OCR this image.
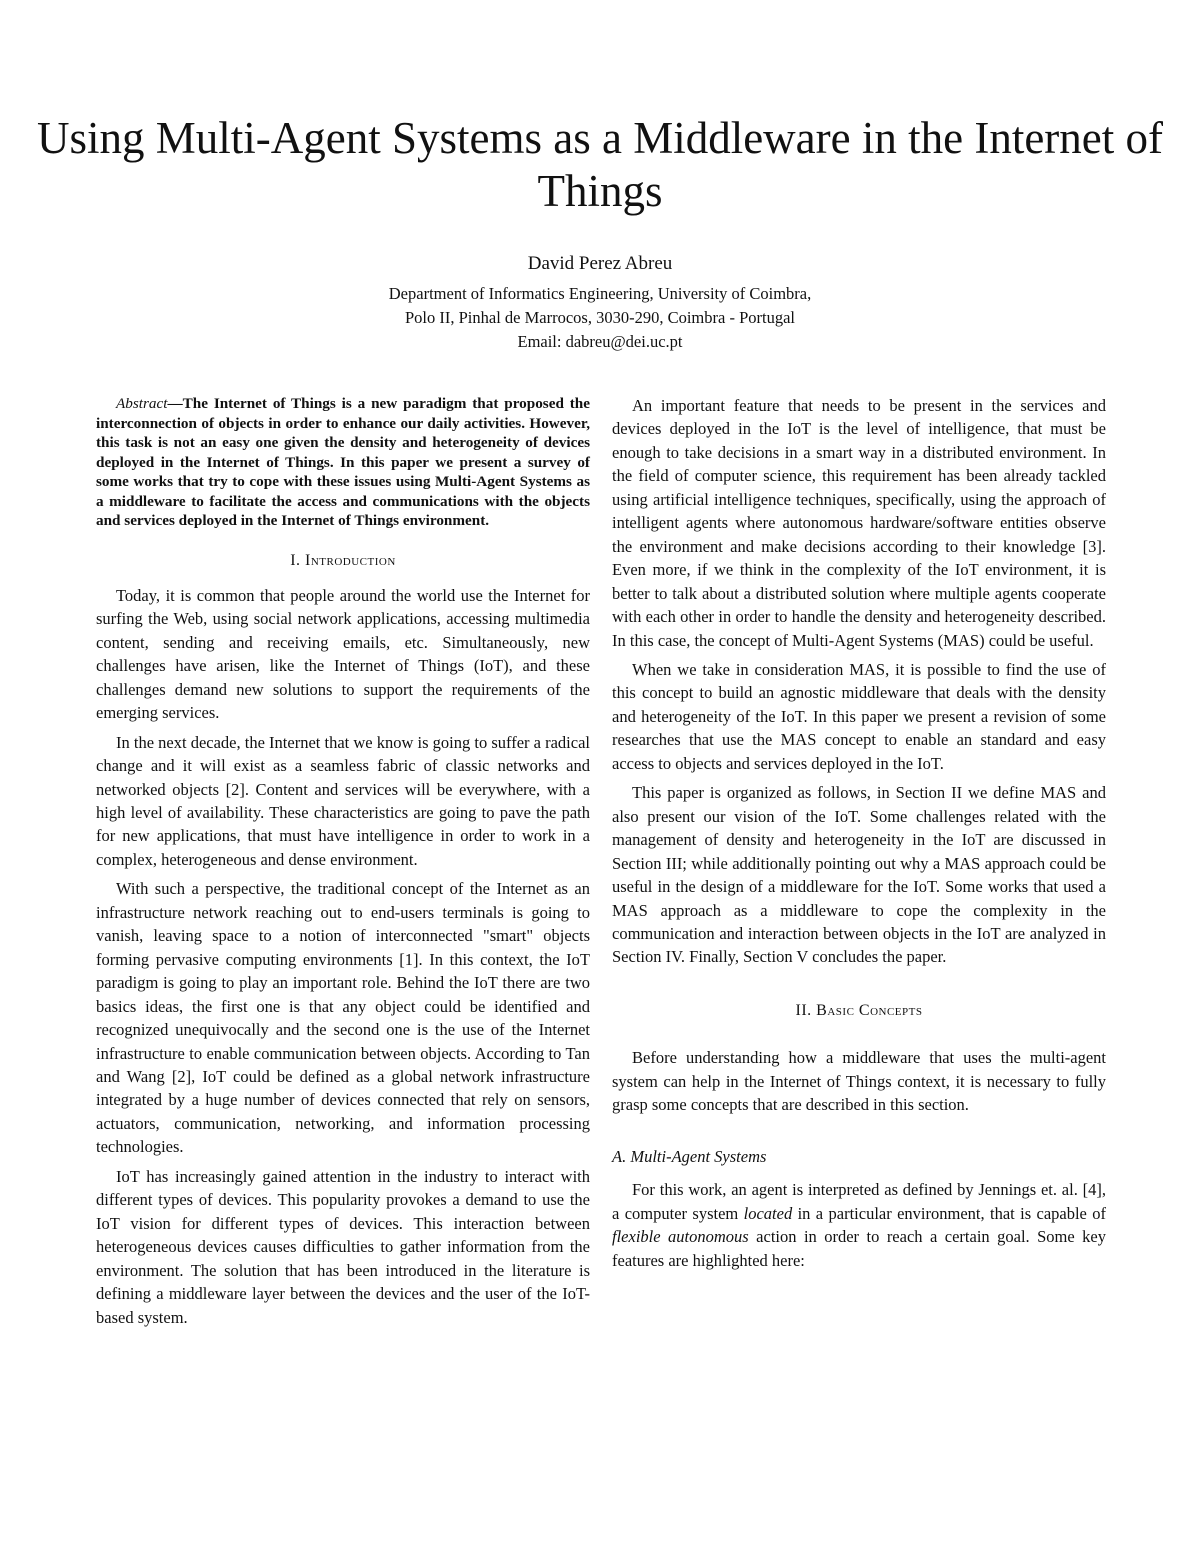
Using Multi-Agent Systems as a Middleware in the Internet of Things
David Perez Abreu
Department of Informatics Engineering, University of Coimbra,
Polo II, Pinhal de Marrocos, 3030-290, Coimbra - Portugal
Email: dabreu@dei.uc.pt

Abstract—The Internet of Things is a new paradigm that proposed the interconnection of objects in order to enhance our daily activities. However, this task is not an easy one given the density and heterogeneity of devices deployed in the Internet of Things. In this paper we present a survey of some works that try to cope with these issues using Multi-Agent Systems as a middleware to facilitate the access and communications with the objects and services deployed in the Internet of Things environment.

I. Introduction

Today, it is common that people around the world use the Internet for surfing the Web, using social network applications, accessing multimedia content, sending and receiving emails, etc. Simultaneously, new challenges have arisen, like the Internet of Things (IoT), and these challenges demand new solutions to support the requirements of the emerging services.

In the next decade, the Internet that we know is going to suffer a radical change and it will exist as a seamless fabric of classic networks and networked objects [2]. Content and services will be everywhere, with a high level of availability. These characteristics are going to pave the path for new applications, that must have intelligence in order to work in a complex, heterogeneous and dense environment.

With such a perspective, the traditional concept of the Internet as an infrastructure network reaching out to end-users terminals is going to vanish, leaving space to a notion of interconnected "smart" objects forming pervasive computing environments [1]. In this context, the IoT paradigm is going to play an important role. Behind the IoT there are two basics ideas, the first one is that any object could be identified and recognized unequivocally and the second one is the use of the Internet infrastructure to enable communication between objects. According to Tan and Wang [2], IoT could be defined as a global network infrastructure integrated by a huge number of devices connected that rely on sensors, actuators, communication, networking, and information processing technologies.

IoT has increasingly gained attention in the industry to interact with different types of devices. This popularity provokes a demand to use the IoT vision for different types of devices. This interaction between heterogeneous devices causes difficulties to gather information from the environment. The solution that has been introduced in the literature is defining a middleware layer between the devices and the user of the IoT-based system.

An important feature that needs to be present in the services and devices deployed in the IoT is the level of intelligence, that must be enough to take decisions in a smart way in a distributed environment. In the field of computer science, this requirement has been already tackled using artificial intelligence techniques, specifically, using the approach of intelligent agents where autonomous hardware/software entities observe the environment and make decisions according to their knowledge [3]. Even more, if we think in the complexity of the IoT environment, it is better to talk about a distributed solution where multiple agents cooperate with each other in order to handle the density and heterogeneity described. In this case, the concept of Multi-Agent Systems (MAS) could be useful.

When we take in consideration MAS, it is possible to find the use of this concept to build an agnostic middleware that deals with the density and heterogeneity of the IoT. In this paper we present a revision of some researches that use the MAS concept to enable an standard and easy access to objects and services deployed in the IoT.

This paper is organized as follows, in Section II we define MAS and also present our vision of the IoT. Some challenges related with the management of density and heterogeneity in the IoT are discussed in Section III; while additionally pointing out why a MAS approach could be useful in the design of a middleware for the IoT. Some works that used a MAS approach as a middleware to cope the complexity in the communication and interaction between objects in the IoT are analyzed in Section IV. Finally, Section V concludes the paper.

II. Basic Concepts

Before understanding how a middleware that uses the multi-agent system can help in the Internet of Things context, it is necessary to fully grasp some concepts that are described in this section.

A. Multi-Agent Systems

For this work, an agent is interpreted as defined by Jennings et. al. [4], a computer system located in a particular environment, that is capable of flexible autonomous action in order to reach a certain goal. Some key features are highlighted here:
